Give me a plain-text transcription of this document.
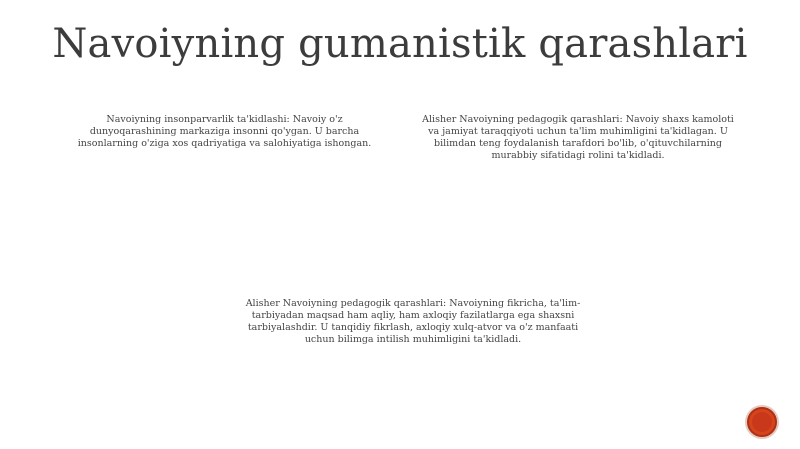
Navoiyning gumanistik qarashlari

Navoiyning insonparvarlik ta'kidlashi: Navoiy o'z dunyoqarashining markaziga insonni qo'ygan. U barcha insonlarning o'ziga xos qadriyatiga va salohiyatiga ishongan.

Alisher Navoiyning pedagogik qarashlari: Navoiy shaxs kamoloti va jamiyat taraqqiyoti uchun ta'lim muhimligini ta'kidlagan. U bilimdan teng foydalanish tarafdori bo'lib, o'qituvchilarning murabbiy sifatidagi rolini ta'kidladi.

Alisher Navoiyning pedagogik qarashlari: Navoiyning fikricha, ta'lim-tarbiyadan maqsad ham aqliy, ham axloqiy fazilatlarga ega shaxsni tarbiyalashdir. U tanqidiy fikrlash, axloqiy xulq-atvor va o'z manfaati uchun bilimga intilish muhimligini ta'kidladi.
